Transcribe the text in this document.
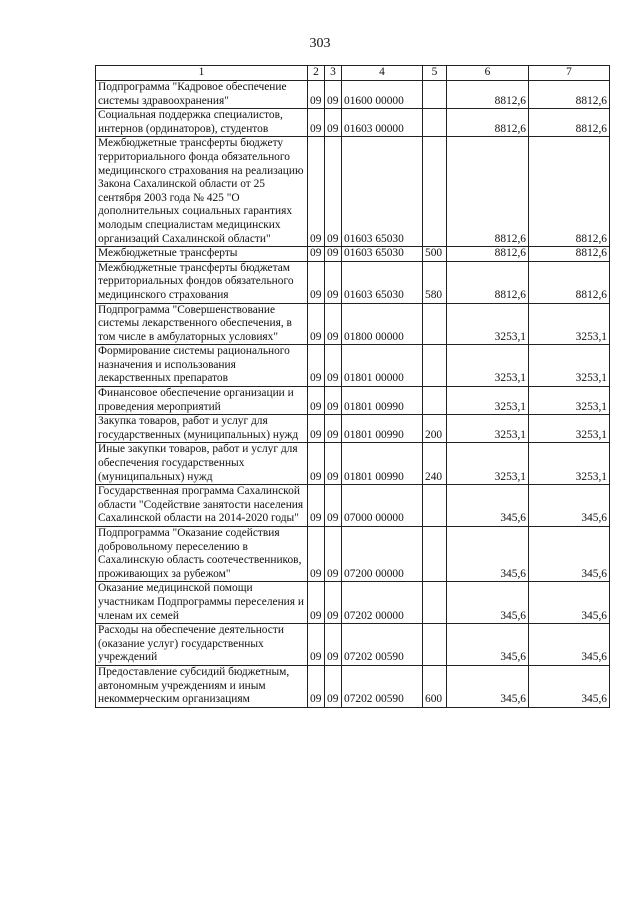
303
1	2	3	4	5	6	7
Подпрограмма "Кадровое обеспечение системы здравоохранения"	09	09	01600 00000		8812,6	8812,6
Социальная поддержка специалистов, интернов (ординаторов), студентов	09	09	01603 00000		8812,6	8812,6
Межбюджетные трансферты бюджету территориального фонда обязательного медицинского страхования на реализацию Закона Сахалинской области от 25 сентября 2003 года № 425 "О дополнительных социальных гарантиях молодым специалистам медицинских организаций Сахалинской области"	09	09	01603 65030		8812,6	8812,6
Межбюджетные трансферты	09	09	01603 65030	500	8812,6	8812,6
Межбюджетные трансферты бюджетам территориальных фондов обязательного медицинского страхования	09	09	01603 65030	580	8812,6	8812,6
Подпрограмма "Совершенствование системы лекарственного обеспечения, в том числе в амбулаторных условиях"	09	09	01800 00000		3253,1	3253,1
Формирование системы рационального назначения и использования лекарственных препаратов	09	09	01801 00000		3253,1	3253,1
Финансовое обеспечение организации и проведения мероприятий	09	09	01801 00990		3253,1	3253,1
Закупка товаров, работ и услуг для государственных (муниципальных) нужд	09	09	01801 00990	200	3253,1	3253,1
Иные закупки товаров, работ и услуг для обеспечения государственных (муниципальных) нужд	09	09	01801 00990	240	3253,1	3253,1
Государственная программа Сахалинской области "Содействие занятости населения Сахалинской области на 2014-2020 годы"	09	09	07000 00000		345,6	345,6
Подпрограмма "Оказание содействия добровольному переселению в Сахалинскую область соотечественников, проживающих за рубежом"	09	09	07200 00000		345,6	345,6
Оказание медицинской помощи участникам Подпрограммы переселения и членам их семей	09	09	07202 00000		345,6	345,6
Расходы на обеспечение деятельности (оказание услуг) государственных учреждений	09	09	07202 00590		345,6	345,6
Предоставление субсидий бюджетным, автономным учреждениям и иным некоммерческим организациям	09	09	07202 00590	600	345,6	345,6
